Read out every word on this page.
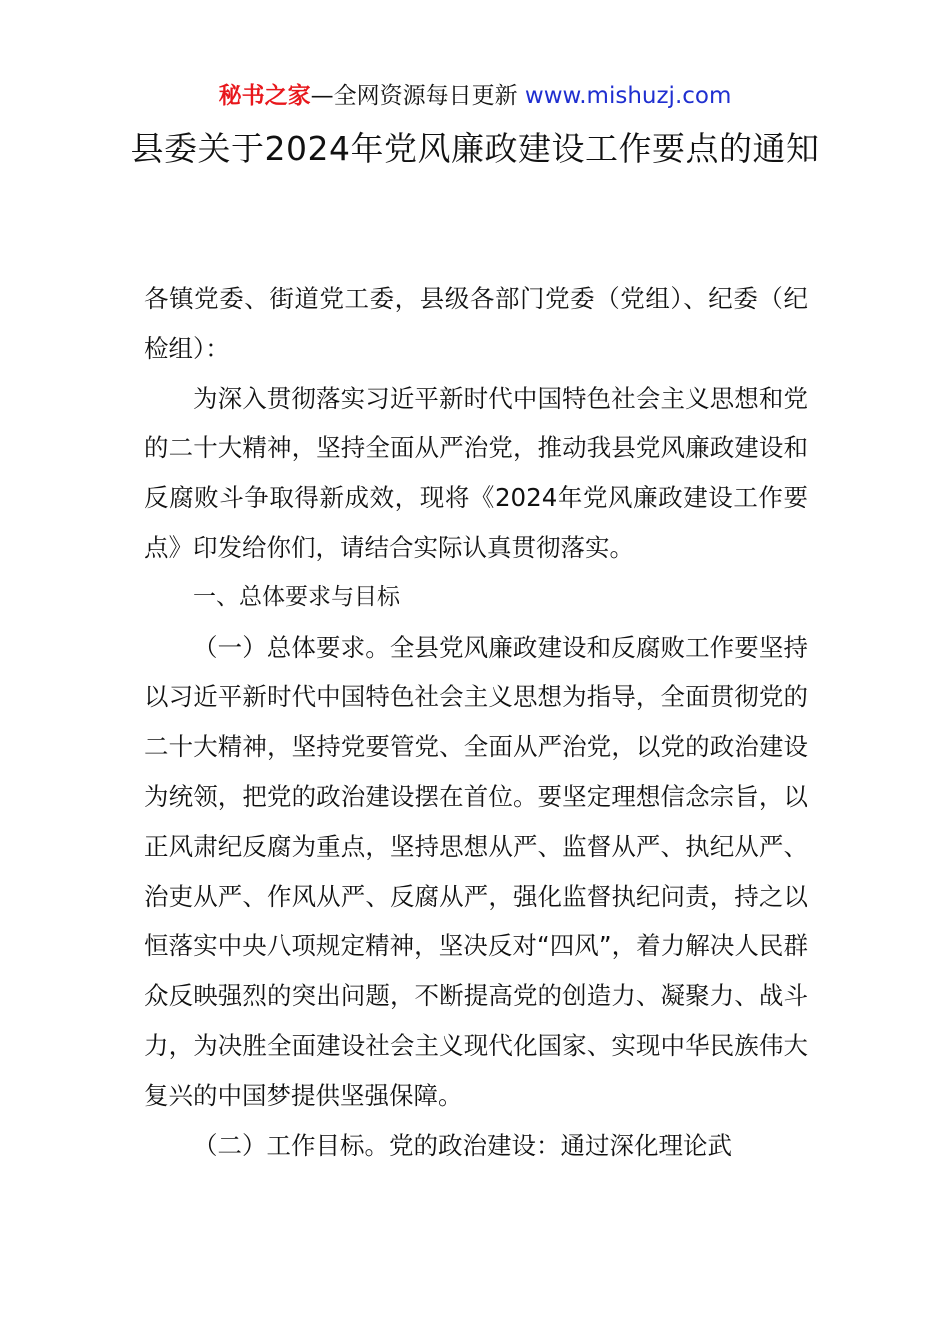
秘书之家—全网资源每日更新 www.mishuzj.com
县委关于2024年党风廉政建设工作要点的通知

各镇党委、街道党工委，县级各部门党委（党组）、纪委（纪检组）：

为深入贯彻落实习近平新时代中国特色社会主义思想和党的二十大精神，坚持全面从严治党，推动我县党风廉政建设和反腐败斗争取得新成效，现将《2024年党风廉政建设工作要点》印发给你们，请结合实际认真贯彻落实。

一、总体要求与目标

（一）总体要求。全县党风廉政建设和反腐败工作要坚持以习近平新时代中国特色社会主义思想为指导，全面贯彻党的二十大精神，坚持党要管党、全面从严治党，以党的政治建设为统领，把党的政治建设摆在首位。要坚定理想信念宗旨，以正风肃纪反腐为重点，坚持思想从严、监督从严、执纪从严、治吏从严、作风从严、反腐从严，强化监督执纪问责，持之以恒落实中央八项规定精神，坚决反对“四风”，着力解决人民群众反映强烈的突出问题，不断提高党的创造力、凝聚力、战斗力，为决胜全面建设社会主义现代化国家、实现中华民族伟大复兴的中国梦提供坚强保障。

（二）工作目标。党的政治建设：通过深化理论武
